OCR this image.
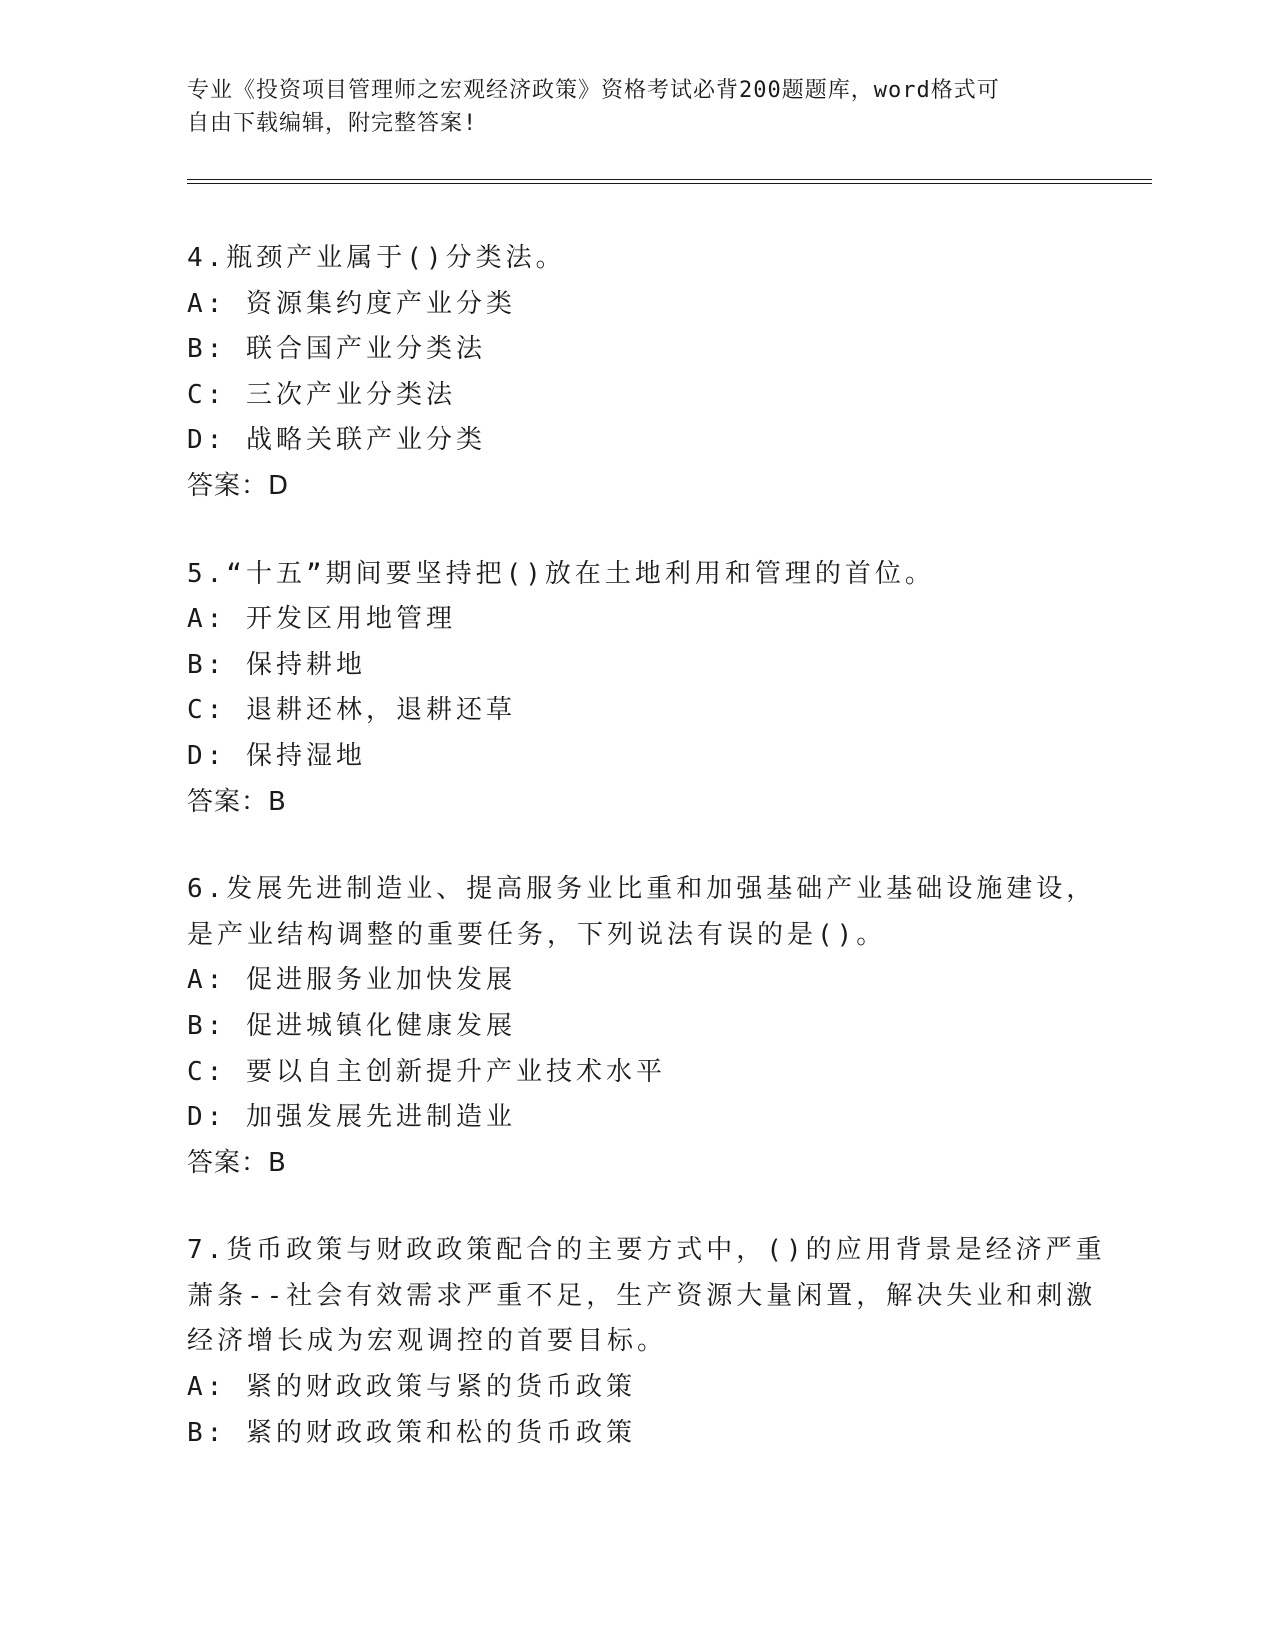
专业《投资项目管理师之宏观经济政策》资格考试必背200题题库，word格式可
自由下载编辑，附完整答案!
4.瓶颈产业属于()分类法。
A: 资源集约度产业分类
B: 联合国产业分类法
C: 三次产业分类法
D: 战略关联产业分类
答案：D
5.“十五”期间要坚持把()放在土地利用和管理的首位。
A: 开发区用地管理
B: 保持耕地
C: 退耕还林，退耕还草
D: 保持湿地
答案：B
6.发展先进制造业、提高服务业比重和加强基础产业基础设施建设，
是产业结构调整的重要任务，下列说法有误的是()。
A: 促进服务业加快发展
B: 促进城镇化健康发展
C: 要以自主创新提升产业技术水平
D: 加强发展先进制造业
答案：B
7.货币政策与财政政策配合的主要方式中，()的应用背景是经济严重
萧条--社会有效需求严重不足，生产资源大量闲置，解决失业和刺激
经济增长成为宏观调控的首要目标。
A: 紧的财政政策与紧的货币政策
B: 紧的财政政策和松的货币政策
